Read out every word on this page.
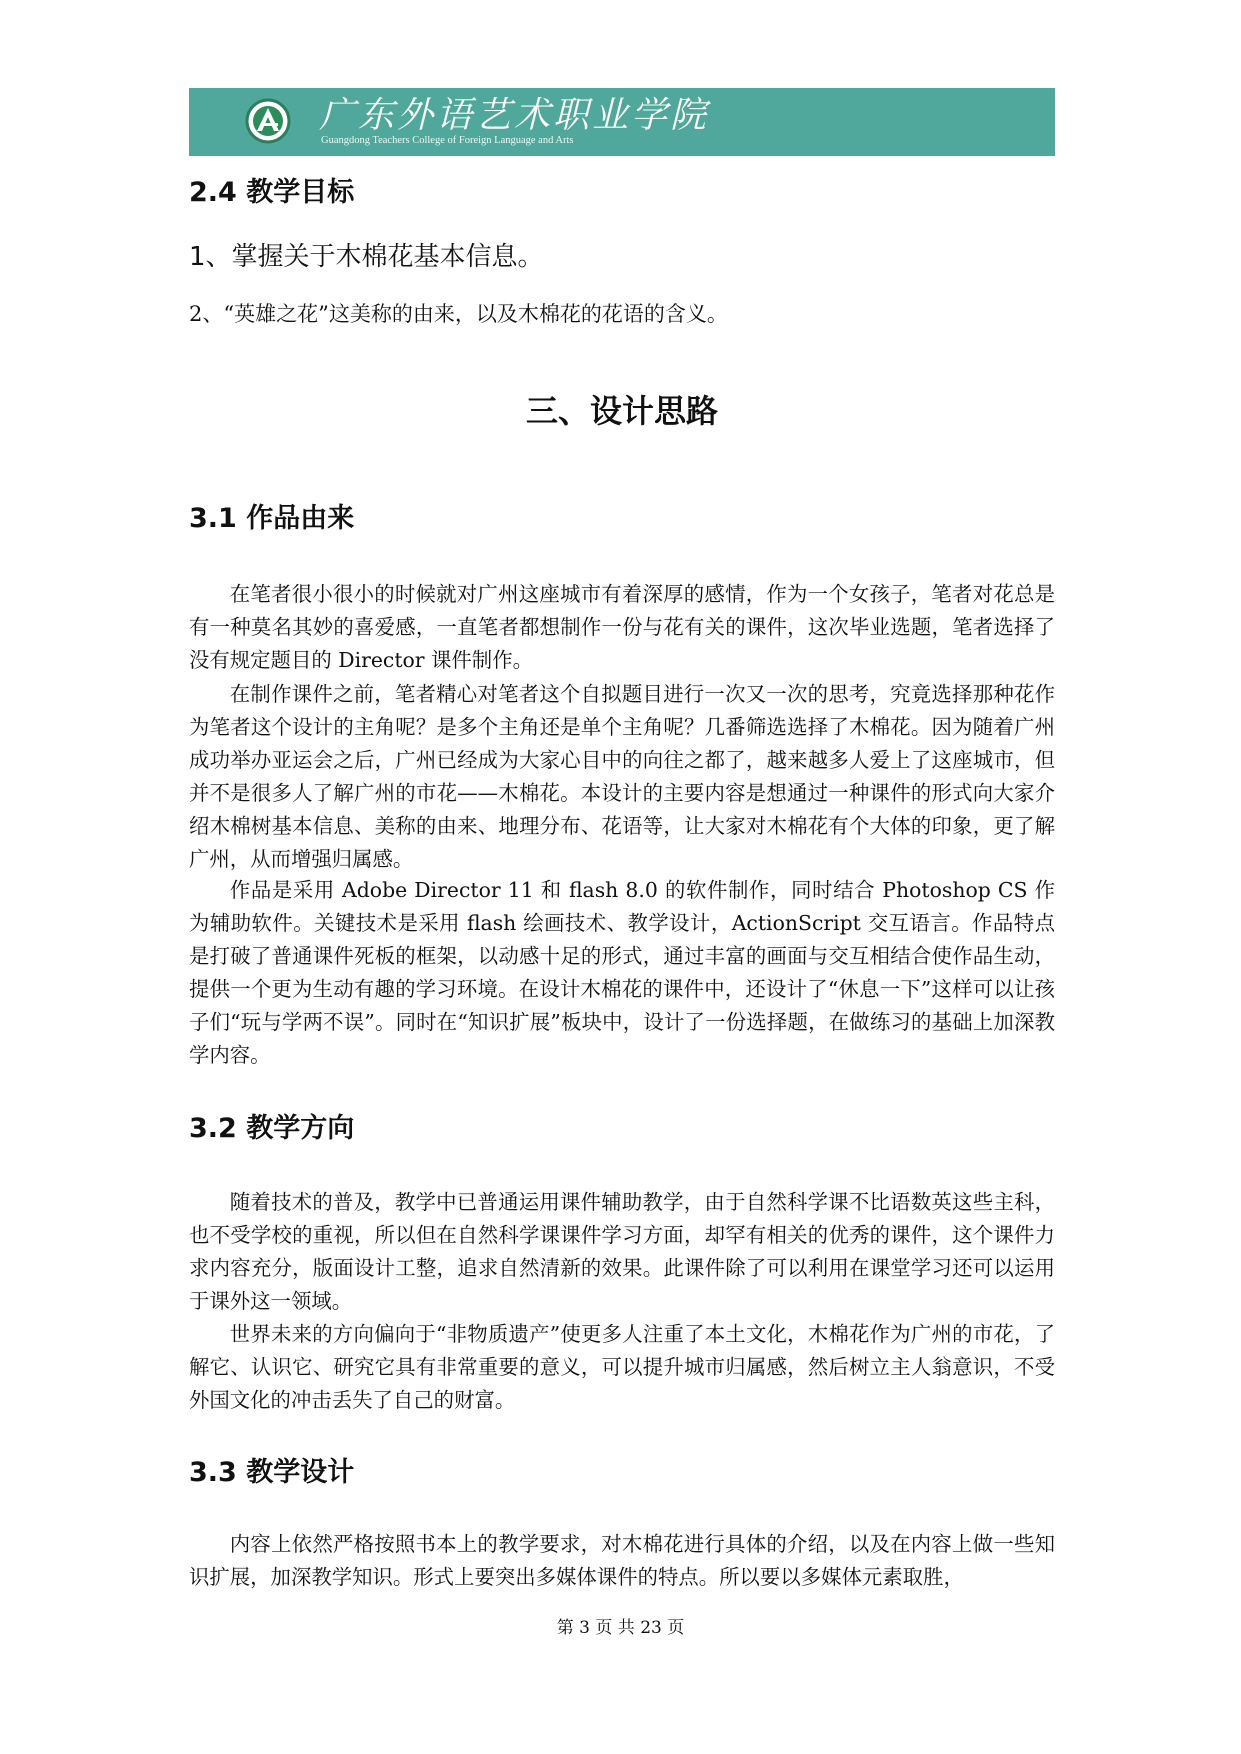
广东外语艺术职业学院
Guangdong Teachers College of Foreign Language and Arts
2.4 教学目标
1、掌握关于木棉花基本信息。
2、“英雄之花”这美称的由来，以及木棉花的花语的含义。
三、设计思路
3.1 作品由来
在笔者很小很小的时候就对广州这座城市有着深厚的感情，作为一个女孩子，笔者对花总是有一种莫名其妙的喜爱感，一直笔者都想制作一份与花有关的课件，这次毕业选题，笔者选择了没有规定题目的 Director 课件制作。
在制作课件之前，笔者精心对笔者这个自拟题目进行一次又一次的思考，究竟选择那种花作为笔者这个设计的主角呢？是多个主角还是单个主角呢？几番筛选选择了木棉花。因为随着广州成功举办亚运会之后，广州已经成为大家心目中的向往之都了，越来越多人爱上了这座城市，但并不是很多人了解广州的市花——木棉花。本设计的主要内容是想通过一种课件的形式向大家介绍木棉树基本信息、美称的由来、地理分布、花语等，让大家对木棉花有个大体的印象，更了解广州，从而增强归属感。
作品是采用 Adobe Director 11 和 flash 8.0 的软件制作，同时结合 Photoshop CS 作为辅助软件。关键技术是采用 flash 绘画技术、教学设计，ActionScript 交互语言。作品特点是打破了普通课件死板的框架，以动感十足的形式，通过丰富的画面与交互相结合使作品生动，提供一个更为生动有趣的学习环境。在设计木棉花的课件中，还设计了“休息一下”这样可以让孩子们“玩与学两不误”。同时在“知识扩展”板块中，设计了一份选择题，在做练习的基础上加深教学内容。
3.2 教学方向
随着技术的普及，教学中已普通运用课件辅助教学，由于自然科学课不比语数英这些主科，也不受学校的重视，所以但在自然科学课课件学习方面，却罕有相关的优秀的课件，这个课件力求内容充分，版面设计工整，追求自然清新的效果。此课件除了可以利用在课堂学习还可以运用于课外这一领域。
世界未来的方向偏向于“非物质遗产”使更多人注重了本土文化，木棉花作为广州的市花，了解它、认识它、研究它具有非常重要的意义，可以提升城市归属感，然后树立主人翁意识，不受外国文化的冲击丢失了自己的财富。
3.3 教学设计
内容上依然严格按照书本上的教学要求，对木棉花进行具体的介绍，以及在内容上做一些知识扩展，加深教学知识。形式上要突出多媒体课件的特点。所以要以多媒体元素取胜，
第 3 页 共 23 页
